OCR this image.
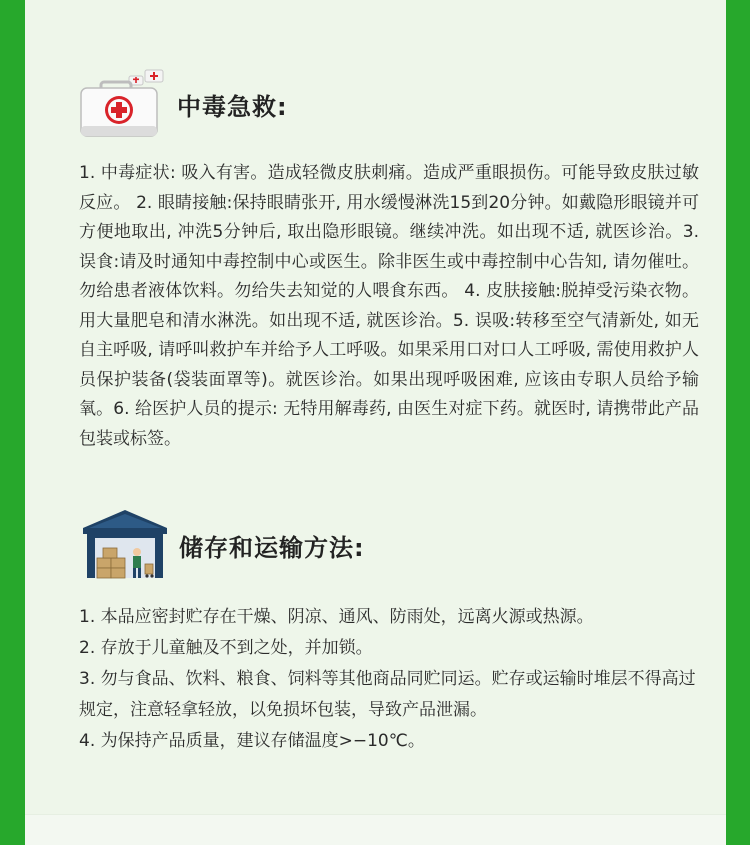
中毒急救:
1. 中毒症状: 吸入有害。造成轻微皮肤刺痛。造成严重眼损伤。可能导致皮肤过敏反应。 2. 眼睛接触:保持眼睛张开, 用水缓慢淋洗15到20分钟。如戴隐形眼镜并可方便地取出, 冲洗5分钟后, 取出隐形眼镜。继续冲洗。如出现不适, 就医诊治。3. 误食:请及时通知中毒控制中心或医生。除非医生或中毒控制中心告知, 请勿催吐。勿给患者液体饮料。勿给失去知觉的人喂食东西。 4. 皮肤接触:脱掉受污染衣物。用大量肥皂和清水淋洗。如出现不适, 就医诊治。5. 误吸:转移至空气清新处, 如无自主呼吸, 请呼叫救护车并给予人工呼吸。如果采用口对口人工呼吸, 需使用救护人员保护装备(袋装面罩等)。就医诊治。如果出现呼吸困难, 应该由专职人员给予输氧。6. 给医护人员的提示: 无特用解毒药, 由医生对症下药。就医时, 请携带此产品包装或标签。
储存和运输方法:
1. 本品应密封贮存在干燥、阴凉、通风、防雨处，远离火源或热源。
2. 存放于儿童触及不到之处，并加锁。
3. 勿与食品、饮料、粮食、饲料等其他商品同贮同运。贮存或运输时堆层不得高过规定，注意轻拿轻放，以免损坏包装，导致产品泄漏。
4. 为保持产品质量，建议存储温度>−10℃。
